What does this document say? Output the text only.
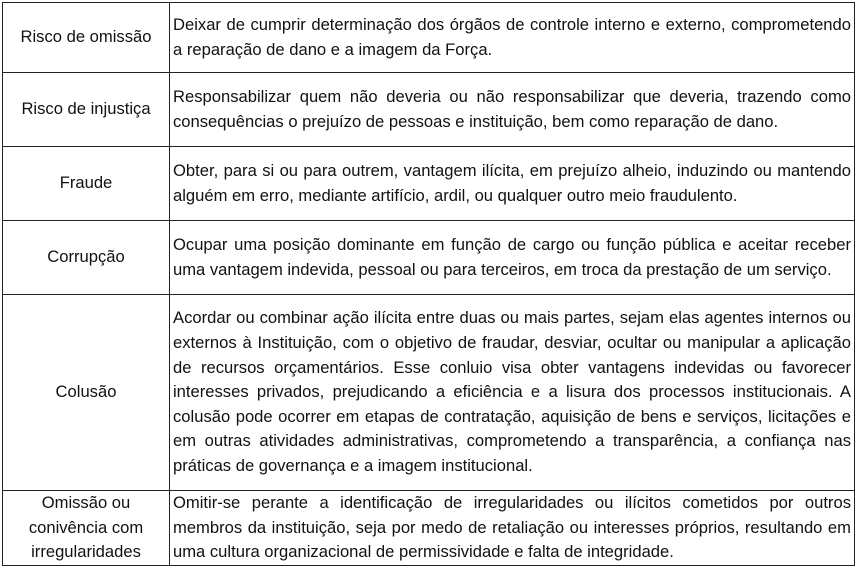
Risco de omissão	Deixar de cumprir determinação dos órgãos de controle interno e externo, comprometendo a reparação de dano e a imagem da Força.
Risco de injustiça	Responsabilizar quem não deveria ou não responsabilizar que deveria, trazendo como consequências o prejuízo de pessoas e instituição, bem como reparação de dano.
Fraude	Obter, para si ou para outrem, vantagem ilícita, em prejuízo alheio, induzindo ou mantendo alguém em erro, mediante artifício, ardil, ou qualquer outro meio fraudulento.
Corrupção	Ocupar uma posição dominante em função de cargo ou função pública e aceitar receber uma vantagem indevida, pessoal ou para terceiros, em troca da prestação de um serviço.
Colusão	Acordar ou combinar ação ilícita entre duas ou mais partes, sejam elas agentes internos ou externos à Instituição, com o objetivo de fraudar, desviar, ocultar ou manipular a aplicação de recursos orçamentários. Esse conluio visa obter vantagens indevidas ou favorecer interesses privados, prejudicando a eficiência e a lisura dos processos institucionais. A colusão pode ocorrer em etapas de contratação, aquisição de bens e serviços, licitações e em outras atividades administrativas, comprometendo a transparência, a confiança nas práticas de governança e a imagem institucional.
Omissão ou conivência com irregularidades	Omitir-se perante a identificação de irregularidades ou ilícitos cometidos por outros membros da instituição, seja por medo de retaliação ou interesses próprios, resultando em uma cultura organizacional de permissividade e falta de integridade.
